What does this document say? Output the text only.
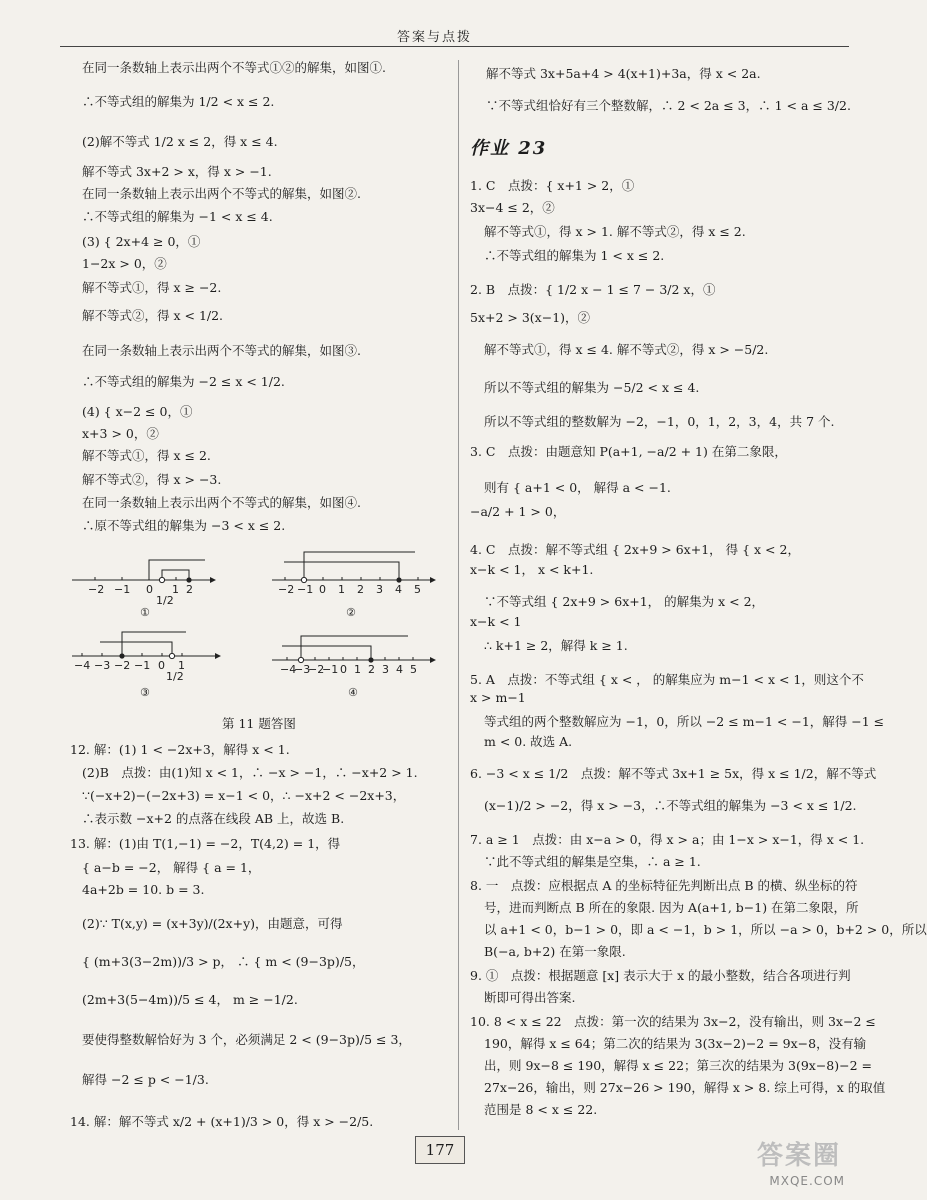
答案与点拨
在同一条数轴上表示出两个不等式①②的解集，如图①.
∴不等式组的解集为 1/2 < x ≤ 2.
(2)解不等式 1/2 x ≤ 2，得 x ≤ 4.
解不等式 3x+2 > x，得 x > −1.
在同一条数轴上表示出两个不等式的解集，如图②.
∴不等式组的解集为 −1 < x ≤ 4.
(3) { 2x+4 ≥ 0，①
1−2x > 0，②
解不等式①，得 x ≥ −2.
解不等式②，得 x < 1/2.
在同一条数轴上表示出两个不等式的解集，如图③.
∴不等式组的解集为 −2 ≤ x < 1/2.
(4) { x−2 ≤ 0，①
x+3 > 0，②
解不等式①，得 x ≤ 2.
解不等式②，得 x > −3.
在同一条数轴上表示出两个不等式的解集，如图④.
∴原不等式组的解集为 −3 < x ≤ 2.
12. 解：(1) 1 < −2x+3，解得 x < 1.
(2)B　点拨：由(1)知 x < 1，∴ −x > −1，∴ −x+2 > 1.
∵(−x+2)−(−2x+3) = x−1 < 0，∴ −x+2 < −2x+3，
∴表示数 −x+2 的点落在线段 AB 上，故选 B.
13. 解：(1)由 T(1,−1) = −2，T(4,2) = 1，得
{ a−b = −2， 解得 { a = 1，
4a+2b = 10. b = 3.
(2)∵ T(x,y) = (x+3y)/(2x+y)，由题意，可得
{ (m+3(3−2m))/3 > p， ∴ { m < (9−3p)/5，
(2m+3(5−4m))/5 ≤ 4， m ≥ −1/2.
要使得整数解恰好为 3 个，必须满足 2 < (9−3p)/5 ≤ 3，
解得 −2 ≤ p < −1/3.
14. 解：解不等式 x/2 + (x+1)/3 > 0，得 x > −2/5.
−2 −1 0 1 2
1/2
①
−2 −1 0 1 2 3 4 5
②
−4 −3 −2 −1 0 1
1/2
③
−4
−3
−2
−1 0 1 2 3 4 5
④
第 11 题答图
解不等式 3x+5a+4 > 4(x+1)+3a，得 x < 2a.
∵不等式组恰好有三个整数解，∴ 2 < 2a ≤ 3，∴ 1 < a ≤ 3/2.
作业 23
1. C　点拨：{ x+1 > 2，①
3x−4 ≤ 2，②
解不等式①，得 x > 1. 解不等式②，得 x ≤ 2.
∴不等式组的解集为 1 < x ≤ 2.
2. B　点拨：{ 1/2 x − 1 ≤ 7 − 3/2 x，①
5x+2 > 3(x−1)，②
解不等式①，得 x ≤ 4. 解不等式②，得 x > −5/2.
所以不等式组的解集为 −5/2 < x ≤ 4.
所以不等式组的整数解为 −2，−1，0，1，2，3，4，共 7 个.
3. C　点拨：由题意知 P(a+1, −a/2 + 1) 在第二象限，
则有 { a+1 < 0， 解得 a < −1.
−a/2 + 1 > 0，
4. C　点拨：解不等式组 { 2x+9 > 6x+1， 得 { x < 2，
x−k < 1， x < k+1.
∵不等式组 { 2x+9 > 6x+1， 的解集为 x < 2，
x−k < 1
∴ k+1 ≥ 2，解得 k ≥ 1.
5. A　点拨：不等式组 { x < ， 的解集应为 m−1 < x < 1，则这个不
x > m−1
等式组的两个整数解应为 −1，0，所以 −2 ≤ m−1 < −1，解得 −1 ≤
m < 0. 故选 A.
6. −3 < x ≤ 1/2　点拨：解不等式 3x+1 ≥ 5x，得 x ≤ 1/2，解不等式
(x−1)/2 > −2，得 x > −3，∴不等式组的解集为 −3 < x ≤ 1/2.
7. a ≥ 1　点拨：由 x−a > 0，得 x > a；由 1−x > x−1，得 x < 1.
∵此不等式组的解集是空集，∴ a ≥ 1.
8. 一　点拨：应根据点 A 的坐标特征先判断出点 B 的横、纵坐标的符
号，进而判断点 B 所在的象限. 因为 A(a+1, b−1) 在第二象限，所
以 a+1 < 0，b−1 > 0，即 a < −1，b > 1，所以 −a > 0，b+2 > 0，所以
B(−a, b+2) 在第一象限.
9. ①　点拨：根据题意 [x] 表示大于 x 的最小整数，结合各项进行判
断即可得出答案.
10. 8 < x ≤ 22　点拨：第一次的结果为 3x−2，没有输出，则 3x−2 ≤
190，解得 x ≤ 64；第二次的结果为 3(3x−2)−2 = 9x−8，没有输
出，则 9x−8 ≤ 190，解得 x ≤ 22；第三次的结果为 3(9x−8)−2 =
27x−26，输出，则 27x−26 > 190，解得 x > 8. 综上可得，x 的取值
范围是 8 < x ≤ 22.
177	答案圈
MXQE.COM
